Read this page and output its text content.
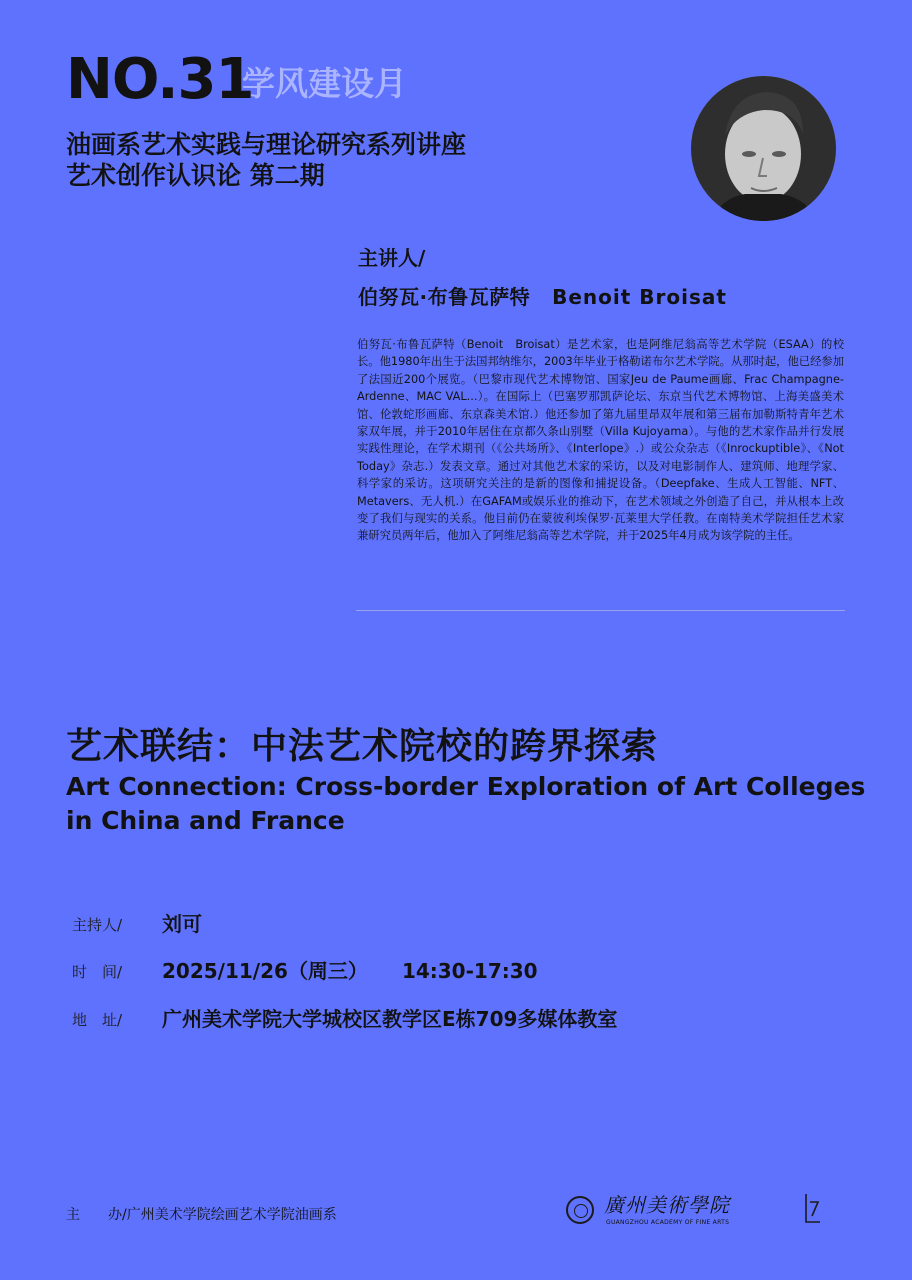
NO.31
学风建设月
油画系艺术实践与理论研究系列讲座
艺术创作认识论 第二期
主讲人/
伯努瓦·布鲁瓦萨特 Benoit Broisat
伯努瓦·布鲁瓦萨特（Benoit　Broisat）是艺术家，也是阿维尼翁高等艺术学院（ESAA）的校长。他1980年出生于法国邦纳维尔，2003年毕业于格勒诺布尔艺术学院。从那时起，他已经参加了法国近200个展览。（巴黎市现代艺术博物馆、国家Jeu de Paume画廊、Frac Champagne-Ardenne、MAC VAL...）。在国际上（巴塞罗那凯萨论坛、东京当代艺术博物馆、上海美盛美术馆、伦敦蛇形画廊、东京森美术馆.）他还参加了第九届里昂双年展和第三届布加勒斯特青年艺术家双年展，并于2010年居住在京都久条山别墅（Villa Kujoyama）。与他的艺术家作品并行发展实践性理论，在学术期刊（《公共场所》、《Interlope》.）或公众杂志（《Inrockuptible》、《Not Today》杂志.）发表文章。通过对其他艺术家的采访，以及对电影制作人、建筑师、地理学家、科学家的采访。这项研究关注的是新的图像和捕捉设备。（Deepfake、生成人工智能、NFT、Metavers、无人机.）在GAFAM或娱乐业的推动下，在艺术领域之外创造了自己，并从根本上改变了我们与现实的关系。他目前仍在蒙彼利埃保罗·瓦莱里大学任教。在南特美术学院担任艺术家兼研究员两年后，他加入了阿维尼翁高等艺术学院，并于2025年4月成为该学院的主任。
艺术联结：中法艺术院校的跨界探索
Art Connection: Cross-border Exploration of Art Colleges in China and France
主持人/ 刘可
时　间/ 2025/11/26（周三） 14:30-17:30
地　址/ 广州美术学院大学城校区教学区E栋709多媒体教室
主　　办/广州美术学院绘画艺术学院油画系	廣州美術學院
GUANGZHOU ACADEMY OF FINE ARTS
